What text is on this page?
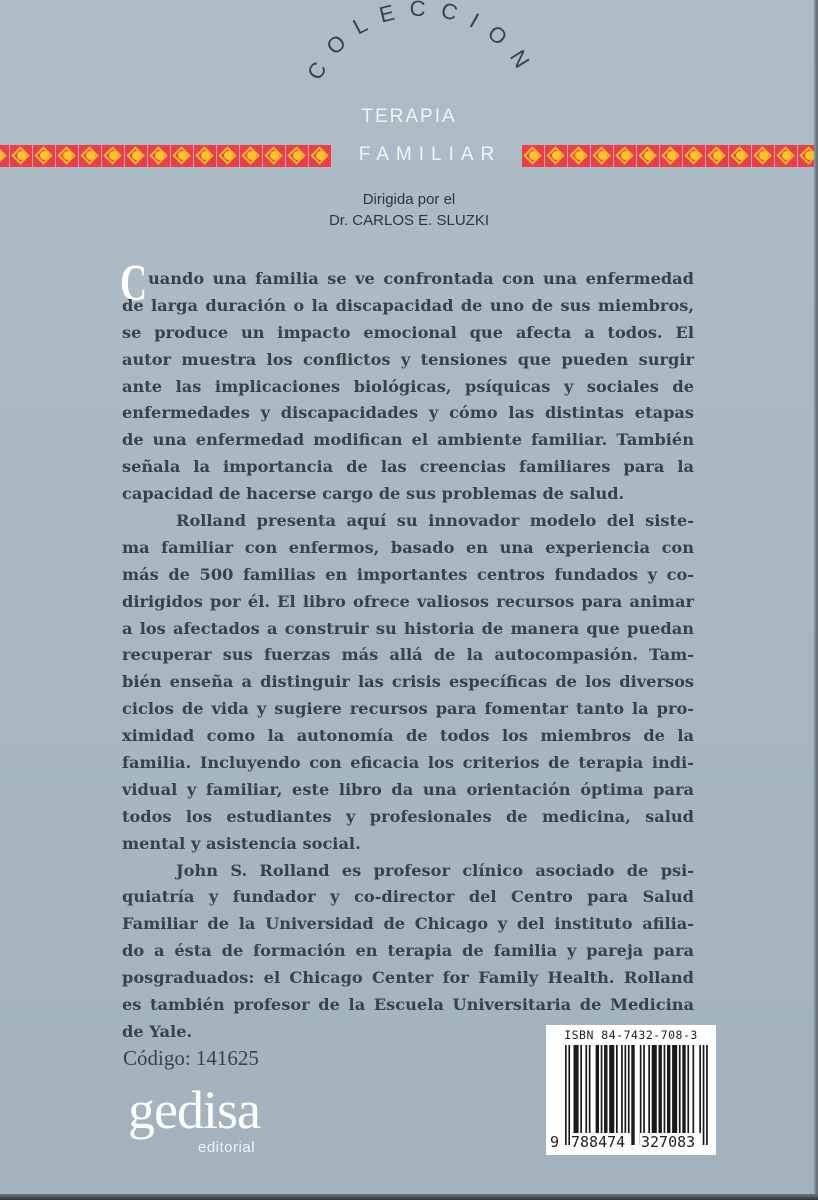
COLECCION
TERAPIA
FAMILIAR
Dirigida por el
Dr. CARLOS E. SLUZKI
C uando una familia se ve confrontada con una enfermedad
de larga duración o la discapacidad de uno de sus miembros,
se produce un impacto emocional que afecta a todos. El
autor muestra los conflictos y tensiones que pueden surgir
ante las implicaciones biológicas, psíquicas y sociales de
enfermedades y discapacidades y cómo las distintas etapas
de una enfermedad modifican el ambiente familiar. También
señala la importancia de las creencias familiares para la
capacidad de hacerse cargo de sus problemas de salud.
Rolland presenta aquí su innovador modelo del siste-
ma familiar con enfermos, basado en una experiencia con
más de 500 familias en importantes centros fundados y co-
dirigidos por él. El libro ofrece valiosos recursos para animar
a los afectados a construir su historia de manera que puedan
recuperar sus fuerzas más allá de la autocompasión. Tam-
bién enseña a distinguir las crisis específicas de los diversos
ciclos de vida y sugiere recursos para fomentar tanto la pro-
ximidad como la autonomía de todos los miembros de la
familia. Incluyendo con eficacia los criterios de terapia indi-
vidual y familiar, este libro da una orientación óptima para
todos los estudiantes y profesionales de medicina, salud
mental y asistencia social.
John S. Rolland es profesor clínico asociado de psi-
quiatría y fundador y co-director del Centro para Salud
Familiar de la Universidad de Chicago y del instituto afilia-
do a ésta de formación en terapia de familia y pareja para
posgraduados: el Chicago Center for Family Health. Rolland
es también profesor de la Escuela Universitaria de Medicina
de Yale.
Código: 141625
gedisa
editorial
ISBN 84-7432-708-3
9 788474 327083
